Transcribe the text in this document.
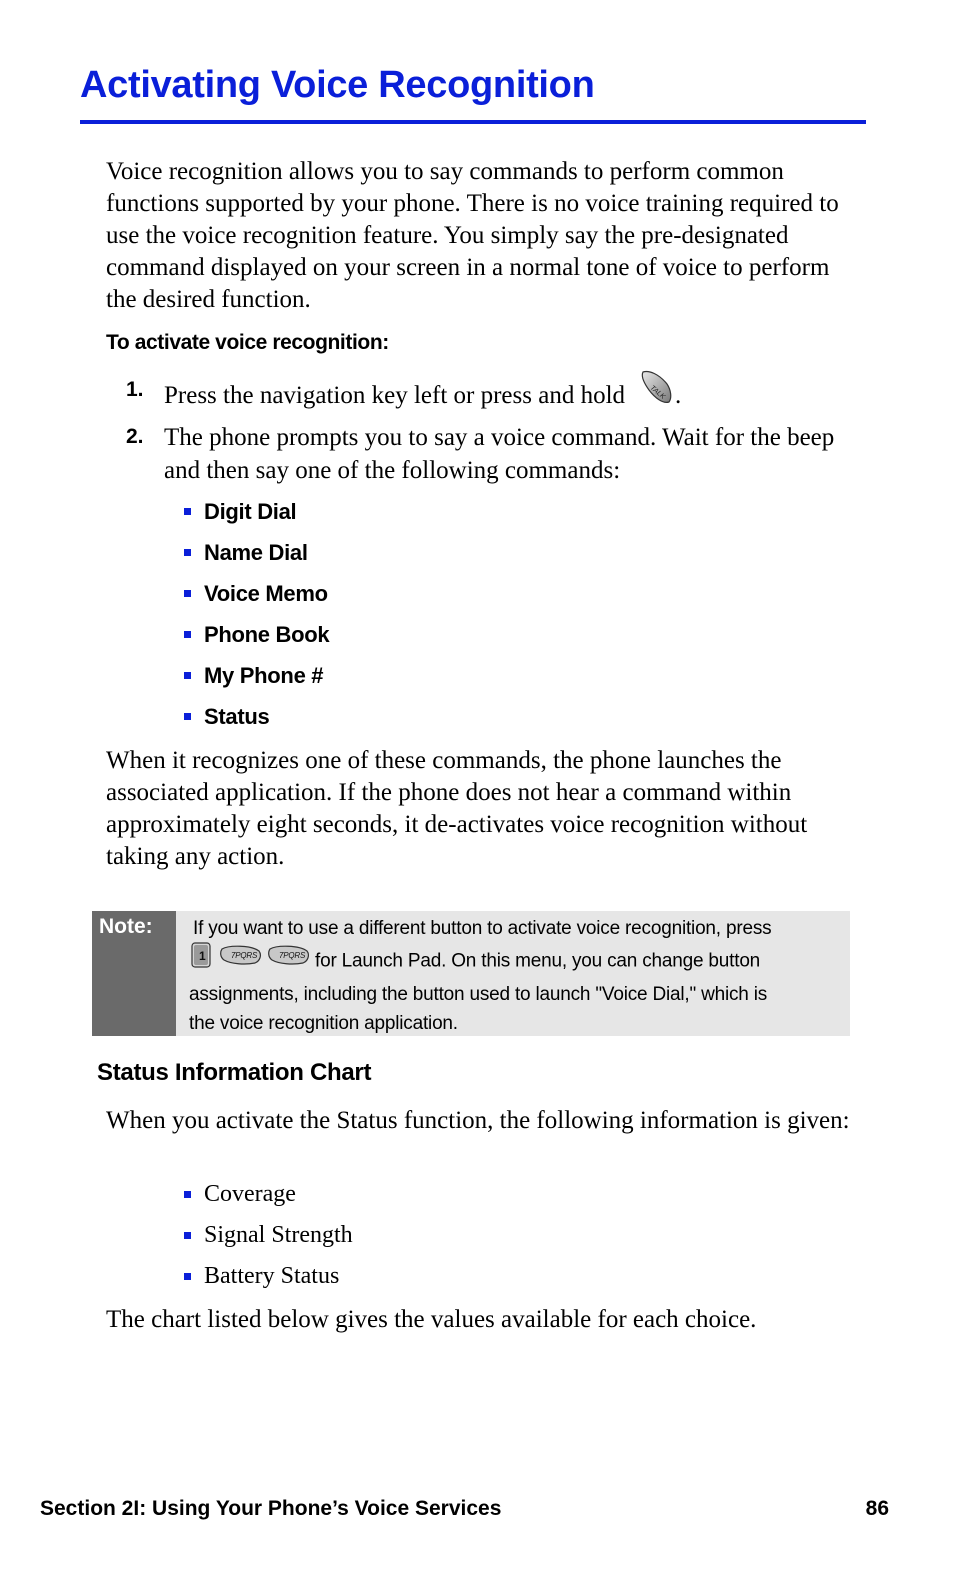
Activating Voice Recognition

Voice recognition allows you to say commands to perform common functions supported by your phone. There is no voice training required to use the voice recognition feature. You simply say the pre-designated command displayed on your screen in a normal tone of voice to perform the desired function.

To activate voice recognition:

1. Press the navigation key left or press and hold	TALK .
2. The phone prompts you to say a voice command. Wait for the beep and then say one of the following commands:
Digit Dial
Name Dial
Voice Memo
Phone Book
My Phone #
Status

When it recognizes one of these commands, the phone launches the associated application. If the phone does not hear a command within approximately eight seconds, it de-activates voice recognition without taking any action.

Note: If you want to use a different button to activate voice recognition, press
1	7PQRS	7PQRS for Launch Pad. On this menu, you can change button
assignments, including the button used to launch "Voice Dial," which is
the voice recognition application.
Status Information Chart

When you activate the Status function, the following information is given:

Coverage
Signal Strength
Battery Status

The chart listed below gives the values available for each choice.

Section 2I: Using Your Phone’s Voice Services	86
